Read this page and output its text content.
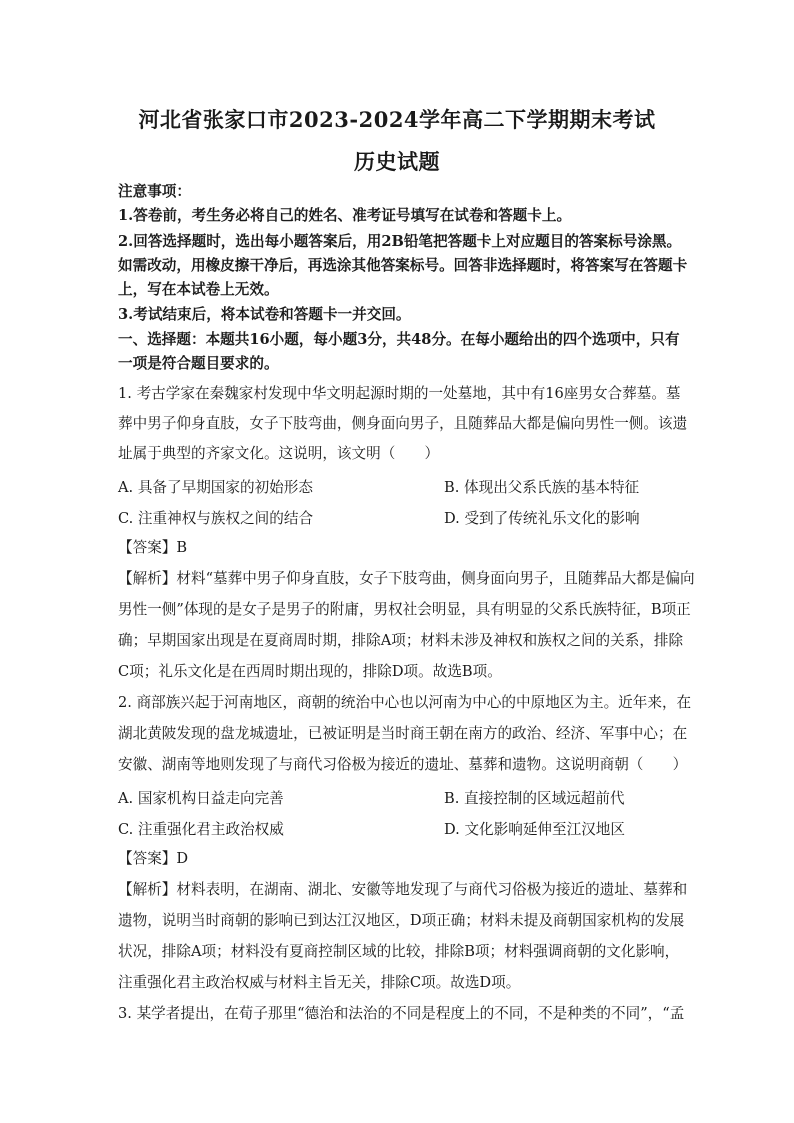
河北省张家口市2023-2024学年高二下学期期末考试
历史试题
注意事项：
1.答卷前，考生务必将自己的姓名、准考证号填写在试卷和答题卡上。
2.回答选择题时，选出每小题答案后，用2B铅笔把答题卡上对应题目的答案标号涂黑。
如需改动，用橡皮擦干净后，再选涂其他答案标号。回答非选择题时，将答案写在答题卡
上，写在本试卷上无效。
3.考试结束后，将本试卷和答题卡一并交回。
一、选择题：本题共16小题，每小题3分，共48分。在每小题给出的四个选项中，只有
一项是符合题目要求的。
1. 考古学家在秦魏家村发现中华文明起源时期的一处墓地，其中有16座男女合葬墓。墓
葬中男子仰身直肢，女子下肢弯曲，侧身面向男子，且随葬品大都是偏向男性一侧。该遗
址属于典型的齐家文化。这说明，该文明（　　）
A. 具备了早期国家的初始形态	B. 体现出父系氏族的基本特征
C. 注重神权与族权之间的结合	D. 受到了传统礼乐文化的影响
【答案】B
【解析】材料“墓葬中男子仰身直肢，女子下肢弯曲，侧身面向男子，且随葬品大都是偏向
男性一侧”体现的是女子是男子的附庸，男权社会明显，具有明显的父系氏族特征，B项正
确；早期国家出现是在夏商周时期，排除A项；材料未涉及神权和族权之间的关系，排除
C项；礼乐文化是在西周时期出现的，排除D项。故选B项。
2. 商部族兴起于河南地区，商朝的统治中心也以河南为中心的中原地区为主。近年来，在
湖北黄陂发现的盘龙城遗址，已被证明是当时商王朝在南方的政治、经济、军事中心；在
安徽、湖南等地则发现了与商代习俗极为接近的遗址、墓葬和遗物。这说明商朝（　　）
A. 国家机构日益走向完善	B. 直接控制的区域远超前代
C. 注重强化君主政治权威	D. 文化影响延伸至江汉地区
【答案】D
【解析】材料表明，在湖南、湖北、安徽等地发现了与商代习俗极为接近的遗址、墓葬和
遗物，说明当时商朝的影响已到达江汉地区，D项正确；材料未提及商朝国家机构的发展
状况，排除A项；材料没有夏商控制区域的比较，排除B项；材料强调商朝的文化影响，
注重强化君主政治权威与材料主旨无关，排除C项。故选D项。
3. 某学者提出，在荀子那里“德治和法治的不同是程度上的不同，不是种类的不同”，“孟
